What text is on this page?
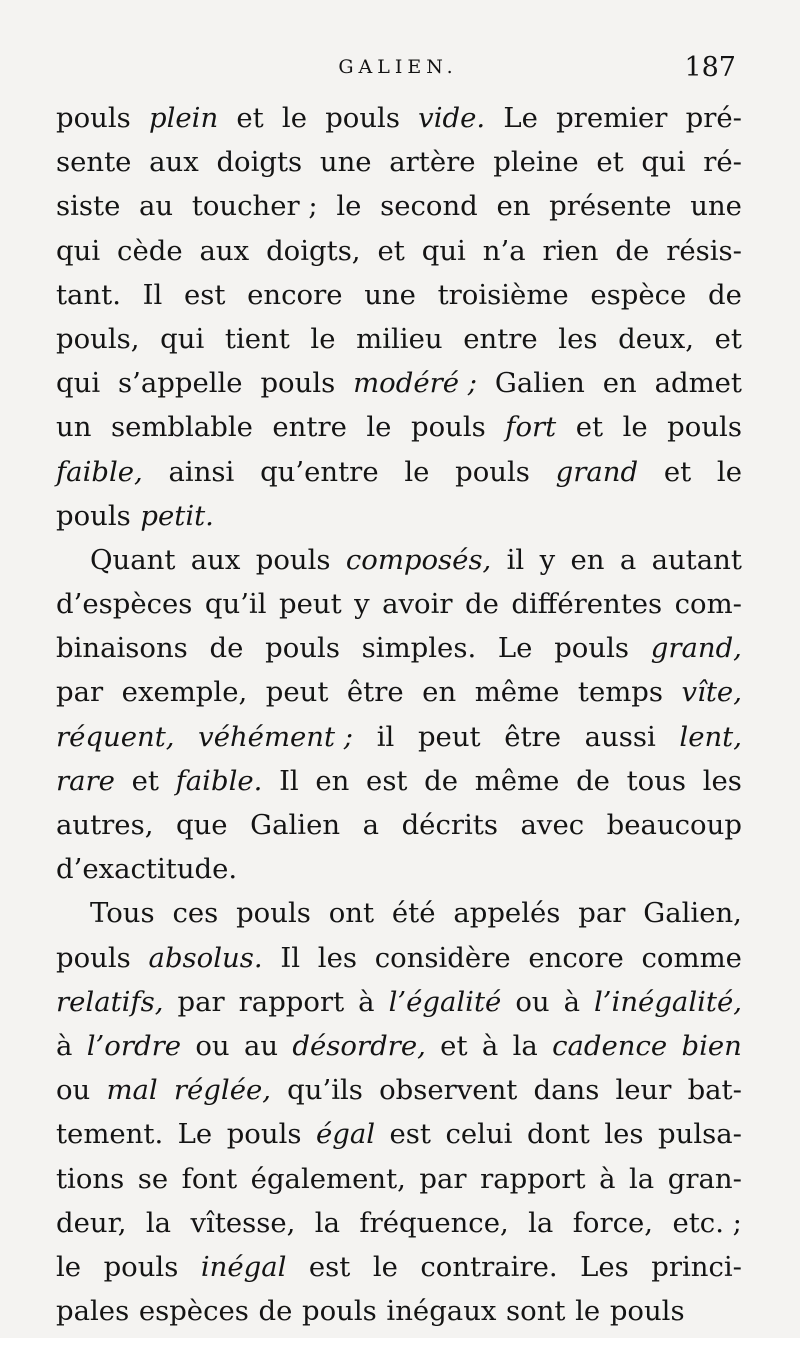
GALIEN.	187
pouls plein et le pouls vide. Le premier pré-
sente aux doigts une artère pleine et qui ré-
siste au toucher ; le second en présente une
qui cède aux doigts, et qui n’a rien de résis-
tant. Il est encore une troisième espèce de
pouls, qui tient le milieu entre les deux, et
qui s’appelle pouls modéré ; Galien en admet
un semblable entre le pouls fort et le pouls
faible, ainsi qu’entre le pouls grand et le
pouls petit.
Quant aux pouls composés, il y en a autant
d’espèces qu’il peut y avoir de différentes com-
binaisons de pouls simples. Le pouls grand,
par exemple, peut être en même temps vîte,
réquent, véhément ; il peut être aussi lent,
rare et faible. Il en est de même de tous les
autres, que Galien a décrits avec beaucoup
d’exactitude.
Tous ces pouls ont été appelés par Galien,
pouls absolus. Il les considère encore comme
relatifs, par rapport à l’égalité ou à l’inégalité,
à l’ordre ou au désordre, et à la cadence bien
ou mal réglée, qu’ils observent dans leur bat-
tement. Le pouls égal est celui dont les pulsa-
tions se font également, par rapport à la gran-
deur, la vîtesse, la fréquence, la force, etc. ;
le pouls inégal est le contraire. Les princi-
pales espèces de pouls inégaux sont le pouls
